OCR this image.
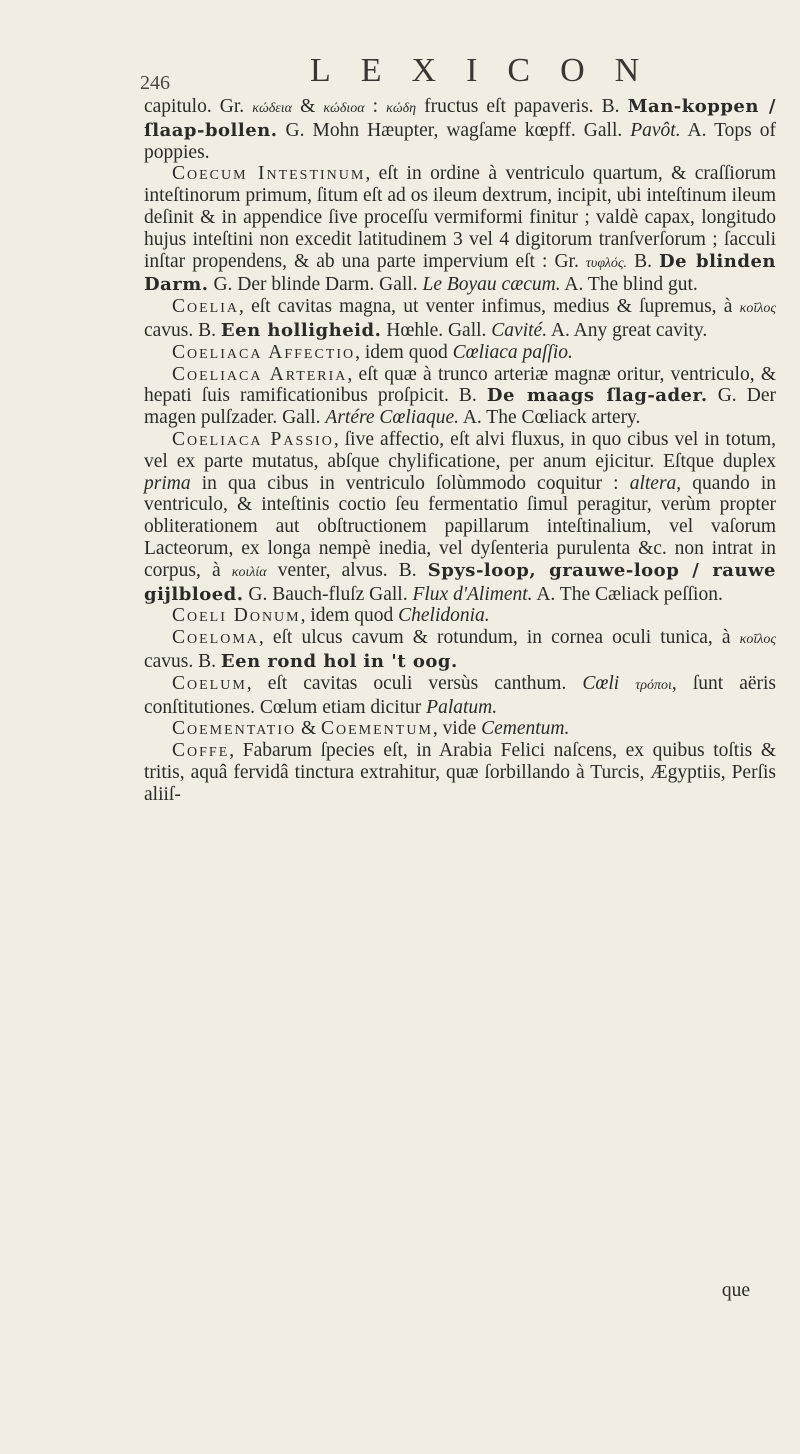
246	LEXICON

capitulo. Gr. κώδεια & κώδιοα : κώδη fructus eſt papaveris. B. Man-koppen / ſlaap-bollen. G. Mohn Hæupter, wagſame kœpff. Gall. Pavôt. A. Tops of poppies.

Coecum Intestinum, eſt in ordine à ventriculo quartum, & craſſiorum inteſtinorum primum, ſitum eſt ad os ileum dextrum, incipit, ubi inteſtinum ileum deſinit & in appendice ſive proceſſu vermiformi finitur ; valdè capax, longitudo hujus inteſtini non excedit latitudinem 3 vel 4 digitorum tranſverſorum ; ſacculi inſtar propendens, & ab una parte impervium eſt : Gr. τυφλός. B. De blinden Darm. G. Der blinde Darm. Gall. Le Boyau cæcum. A. The blind gut.

Coelia, eſt cavitas magna, ut venter infimus, medius & ſupremus, à κοῖλος cavus. B. Een holligheid. Hœhle. Gall. Cavité. A. Any great cavity.

Coeliaca Affectio, idem quod Cœliaca paſſio.

Coeliaca Arteria, eſt quæ à trunco arteriæ magnæ oritur, ventriculo, & hepati ſuis ramificationibus proſpicit. B. De maags ſlag-ader. G. Der magen pulſzader. Gall. Artére Cœliaque. A. The Cœliack artery.

Coeliaca Passio, ſive affectio, eſt alvi fluxus, in quo cibus vel in totum, vel ex parte mutatus, abſque chylificatione, per anum ejicitur. Eſtque duplex prima in qua cibus in ventriculo ſolùmmodo coquitur : altera, quando in ventriculo, & inteſtinis coctio ſeu fermentatio ſimul peragitur, verùm propter obliterationem aut obſtructionem papillarum inteſtinalium, vel vaſorum Lacteorum, ex longa nempè inedia, vel dyſenteria purulenta &c. non intrat in corpus, à κοιλία venter, alvus. B. Spys-loop, grauwe-loop / rauwe gijlbloed. G. Bauch-fluſz Gall. Flux d'Aliment. A. The Cæliack peſſion.

Coeli Donum, idem quod Chelidonia.

Coeloma, eſt ulcus cavum & rotundum, in cornea oculi tunica, à κοῖλος cavus. B. Een rond hol in 't oog.

Coelum, eſt cavitas oculi versùs canthum. Cœli τρόποι, ſunt aëris conſtitutiones. Cœlum etiam dicitur Palatum.

Coementatio & Coementum, vide Cementum.

Coffe, Fabarum ſpecies eſt, in Arabia Felici naſcens, ex quibus toſtis & tritis, aquâ fervidâ tinctura extrahitur, quæ ſorbillando à Turcis, Ægyptiis, Perſis aliiſ-

que
